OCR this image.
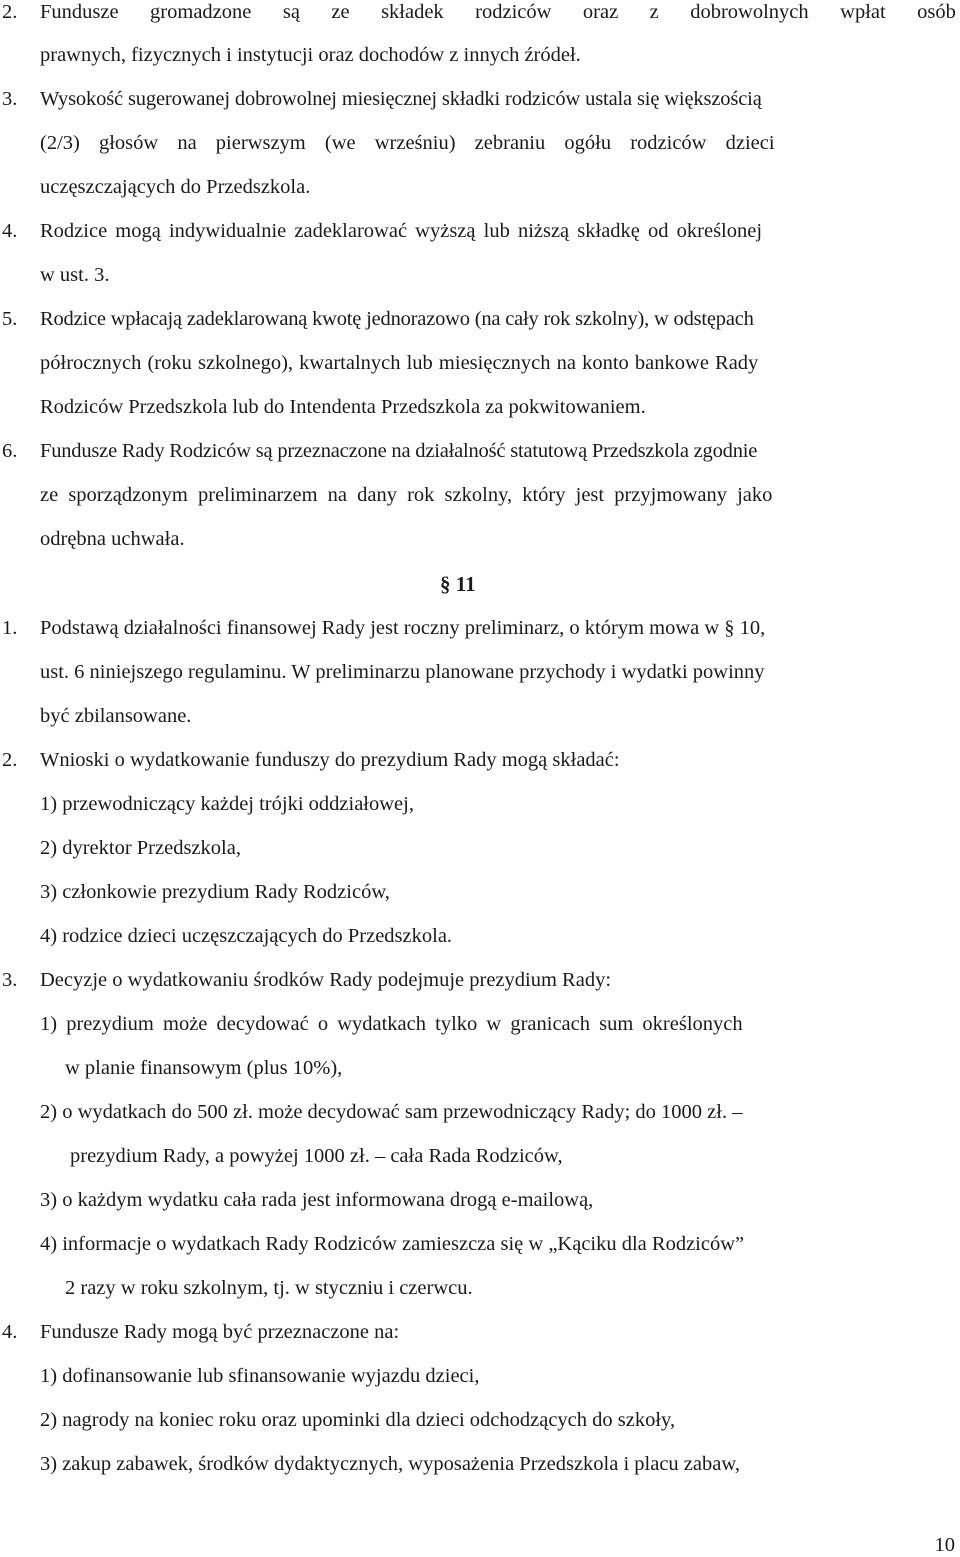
2. Fundusze gromadzone są ze składek rodziców oraz z dobrowolnych wpłat osób
prawnych, fizycznych i instytucji oraz dochodów z innych źródeł.
3. Wysokość sugerowanej dobrowolnej miesięcznej składki rodziców ustala się większością
(2/3) głosów na pierwszym (we wrześniu) zebraniu ogółu rodziców dzieci
uczęszczających do Przedszkola.
4. Rodzice mogą indywidualnie zadeklarować wyższą lub niższą składkę od określonej
w ust. 3.
5. Rodzice wpłacają zadeklarowaną kwotę jednorazowo (na cały rok szkolny), w odstępach
półrocznych (roku szkolnego), kwartalnych lub miesięcznych na konto bankowe Rady
Rodziców Przedszkola lub do Intendenta Przedszkola za pokwitowaniem.
6. Fundusze Rady Rodziców są przeznaczone na działalność statutową Przedszkola zgodnie
ze sporządzonym preliminarzem na dany rok szkolny, który jest przyjmowany jako
odrębna uchwała.
§ 11
1. Podstawą działalności finansowej Rady jest roczny preliminarz, o którym mowa w § 10,
ust. 6 niniejszego regulaminu. W preliminarzu planowane przychody i wydatki powinny
być zbilansowane.
2. Wnioski o wydatkowanie funduszy do prezydium Rady mogą składać:
1) przewodniczący każdej trójki oddziałowej,
2) dyrektor Przedszkola,
3) członkowie prezydium Rady Rodziców,
4) rodzice dzieci uczęszczających do Przedszkola.
3. Decyzje o wydatkowaniu środków Rady podejmuje prezydium Rady:
1) prezydium może decydować o wydatkach tylko w granicach sum określonych
w planie finansowym (plus 10%),
2) o wydatkach do 500 zł. może decydować sam przewodniczący Rady; do 1000 zł. –
prezydium Rady, a powyżej 1000 zł. – cała Rada Rodziców,
3) o każdym wydatku cała rada jest informowana drogą e-mailową,
4) informacje o wydatkach Rady Rodziców zamieszcza się w „Kąciku dla Rodziców”
2 razy w roku szkolnym, tj. w styczniu i czerwcu.
4. Fundusze Rady mogą być przeznaczone na:
1) dofinansowanie lub sfinansowanie wyjazdu dzieci,
2) nagrody na koniec roku oraz upominki dla dzieci odchodzących do szkoły,
3) zakup zabawek, środków dydaktycznych, wyposażenia Przedszkola i placu zabaw,
10
